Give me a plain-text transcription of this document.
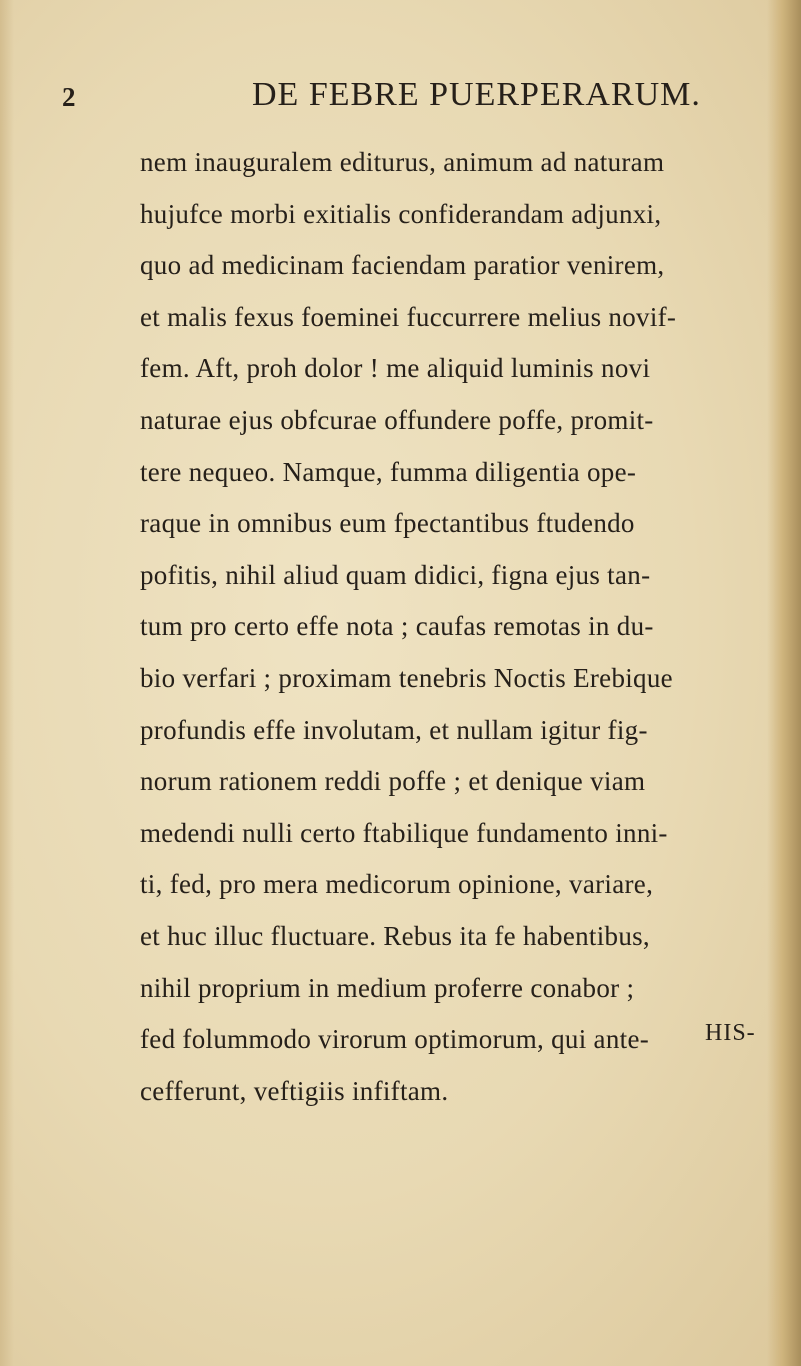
2	DE FEBRE PUERPERARUM.
nem inauguralem editurus, animum ad naturam
hujufce morbi exitialis confiderandam adjunxi,
quo ad medicinam faciendam paratior venirem,
et malis fexus foeminei fuccurrere melius novif-
fem. Aft, proh dolor ! me aliquid luminis novi
naturae ejus obfcurae offundere poffe, promit-
tere nequeo. Namque, fumma diligentia ope-
raque in omnibus eum fpectantibus ftudendo
pofitis, nihil aliud quam didici, figna ejus tan-
tum pro certo effe nota ; caufas remotas in du-
bio verfari ; proximam tenebris Noctis Erebique
profundis effe involutam, et nullam igitur fig-
norum rationem reddi poffe ; et denique viam
medendi nulli certo ftabilique fundamento inni-
ti, fed, pro mera medicorum opinione, variare,
et huc illuc fluctuare. Rebus ita fe habentibus,
nihil proprium in medium proferre conabor ;
fed folummodo virorum optimorum, qui ante-
cefferunt, veftigiis infiftam.
HIS-
